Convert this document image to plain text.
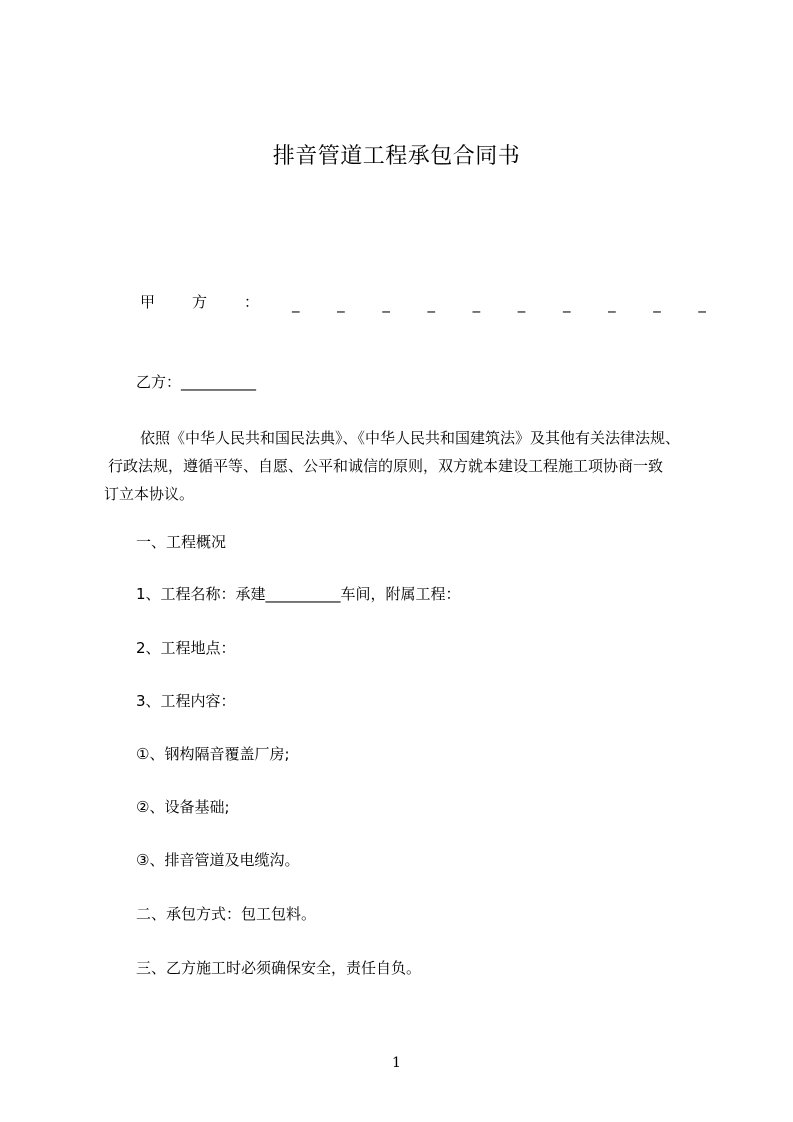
排音管道工程承包合同书
甲 方 ： _	_	_	_	_	_	_	_	_	_
乙方：__________
依照《中华人民共和国民法典》、《中华人民共和国建筑法》及其他有关法律法规、
行政法规，遵循平等、自愿、公平和诚信的原则，双方就本建设工程施工项协商一致
订立本协议。
一、工程概况
1、工程名称：承建__________车间，附属工程：
2、工程地点：
3、工程内容：
①、钢构隔音覆盖厂房;
②、设备基础;
③、排音管道及电缆沟。
二、承包方式：包工包料。
三、乙方施工时必须确保安全，责任自负。
1
